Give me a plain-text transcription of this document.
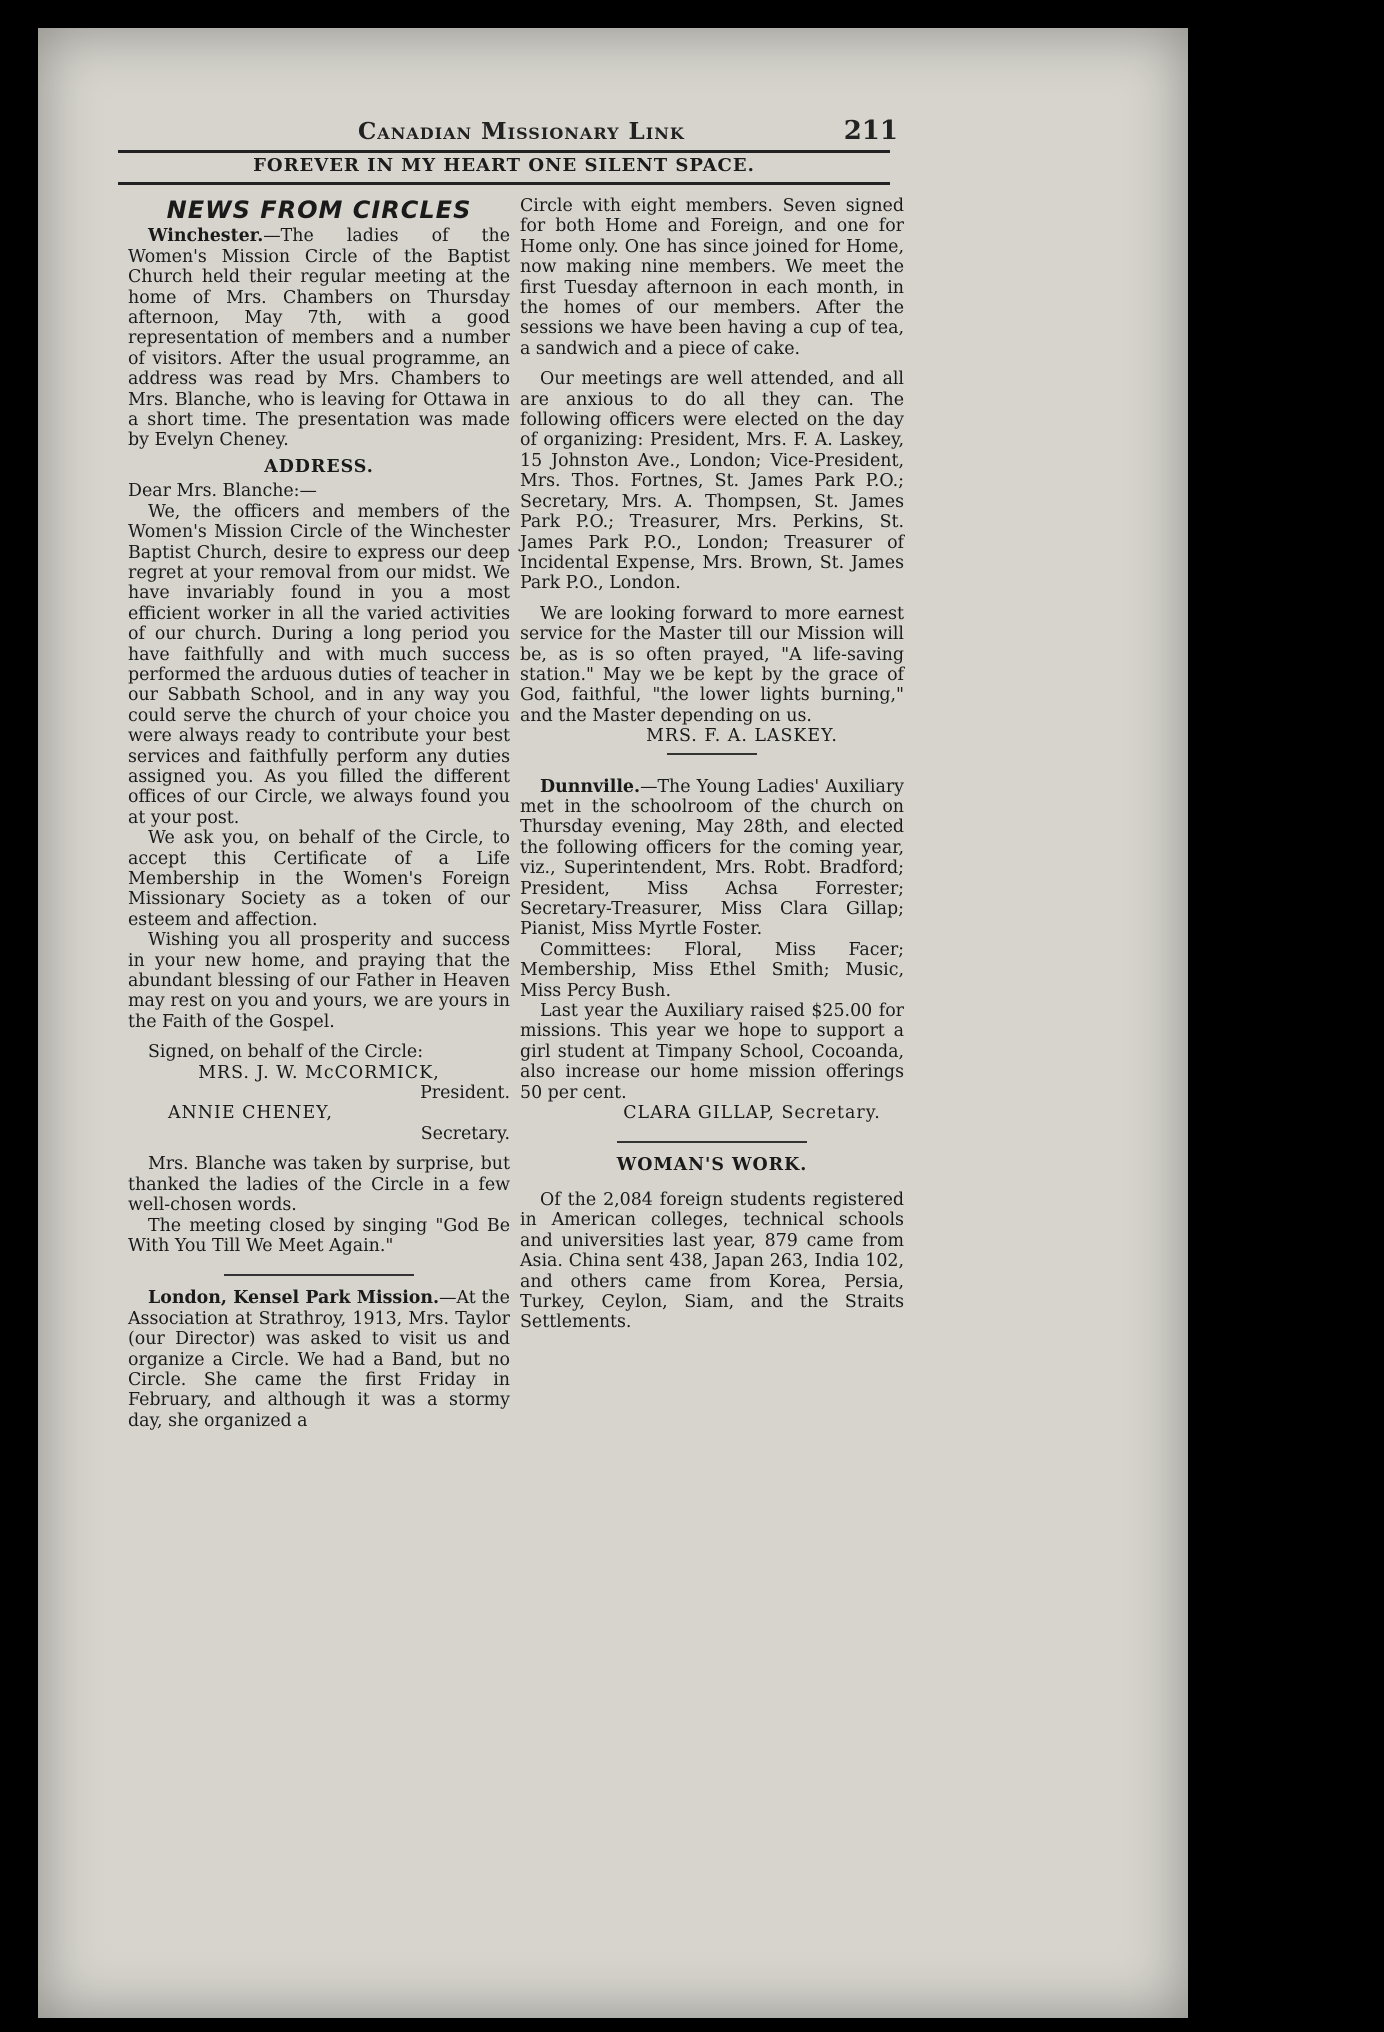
Canadian Missionary Link	211
FOREVER IN MY HEART ONE SILENT SPACE.
NEWS FROM CIRCLES

Winchester.—The ladies of the Women's Mission Circle of the Baptist Church held their regular meeting at the home of Mrs. Chambers on Thursday afternoon, May 7th, with a good representation of members and a number of visitors. After the usual programme, an address was read by Mrs. Chambers to Mrs. Blanche, who is leaving for Ottawa in a short time. The presentation was made by Evelyn Cheney.

ADDRESS.

Dear Mrs. Blanche:—

We, the officers and members of the Women's Mission Circle of the Winchester Baptist Church, desire to express our deep regret at your removal from our midst. We have invariably found in you a most efficient worker in all the varied activities of our church. During a long period you have faithfully and with much success performed the arduous duties of teacher in our Sabbath School, and in any way you could serve the church of your choice you were always ready to contribute your best services and faithfully perform any duties assigned you. As you filled the different offices of our Circle, we always found you at your post.

We ask you, on behalf of the Circle, to accept this Certificate of a Life Membership in the Women's Foreign Missionary Society as a token of our esteem and affection.

Wishing you all prosperity and success in your new home, and praying that the abundant blessing of our Father in Heaven may rest on you and yours, we are yours in the Faith of the Gospel.

Signed, on behalf of the Circle:

MRS. J. W. McCORMICK,

President.

ANNIE CHENEY,

Secretary.

Mrs. Blanche was taken by surprise, but thanked the ladies of the Circle in a few well-chosen words.

The meeting closed by singing "God Be With You Till We Meet Again."

London, Kensel Park Mission.—At the Association at Strathroy, 1913, Mrs. Taylor (our Director) was asked to visit us and organize a Circle. We had a Band, but no Circle. She came the first Friday in February, and although it was a stormy day, she organized a

Circle with eight members. Seven signed for both Home and Foreign, and one for Home only. One has since joined for Home, now making nine members. We meet the first Tuesday afternoon in each month, in the homes of our members. After the sessions we have been having a cup of tea, a sandwich and a piece of cake.

Our meetings are well attended, and all are anxious to do all they can. The following officers were elected on the day of organizing: President, Mrs. F. A. Laskey, 15 Johnston Ave., London; Vice-President, Mrs. Thos. Fortnes, St. James Park P.O.; Secretary, Mrs. A. Thompsen, St. James Park P.O.; Treasurer, Mrs. Perkins, St. James Park P.O., London; Treasurer of Incidental Expense, Mrs. Brown, St. James Park P.O., London.

We are looking forward to more earnest service for the Master till our Mission will be, as is so often prayed, "A life-saving station." May we be kept by the grace of God, faithful, "the lower lights burning," and the Master depending on us.

MRS. F. A. LASKEY.

Dunnville.—The Young Ladies' Auxiliary met in the schoolroom of the church on Thursday evening, May 28th, and elected the following officers for the coming year, viz., Superintendent, Mrs. Robt. Bradford; President, Miss Achsa Forrester; Secretary-Treasurer, Miss Clara Gillap; Pianist, Miss Myrtle Foster.

Committees: Floral, Miss Facer; Membership, Miss Ethel Smith; Music, Miss Percy Bush.

Last year the Auxiliary raised $25.00 for missions. This year we hope to support a girl student at Timpany School, Cocoanda, also increase our home mission offerings 50 per cent.

CLARA GILLAP, Secretary.

WOMAN'S WORK.

Of the 2,084 foreign students registered in American colleges, technical schools and universities last year, 879 came from Asia. China sent 438, Japan 263, India 102, and others came from Korea, Persia, Turkey, Ceylon, Siam, and the Straits Settlements.
